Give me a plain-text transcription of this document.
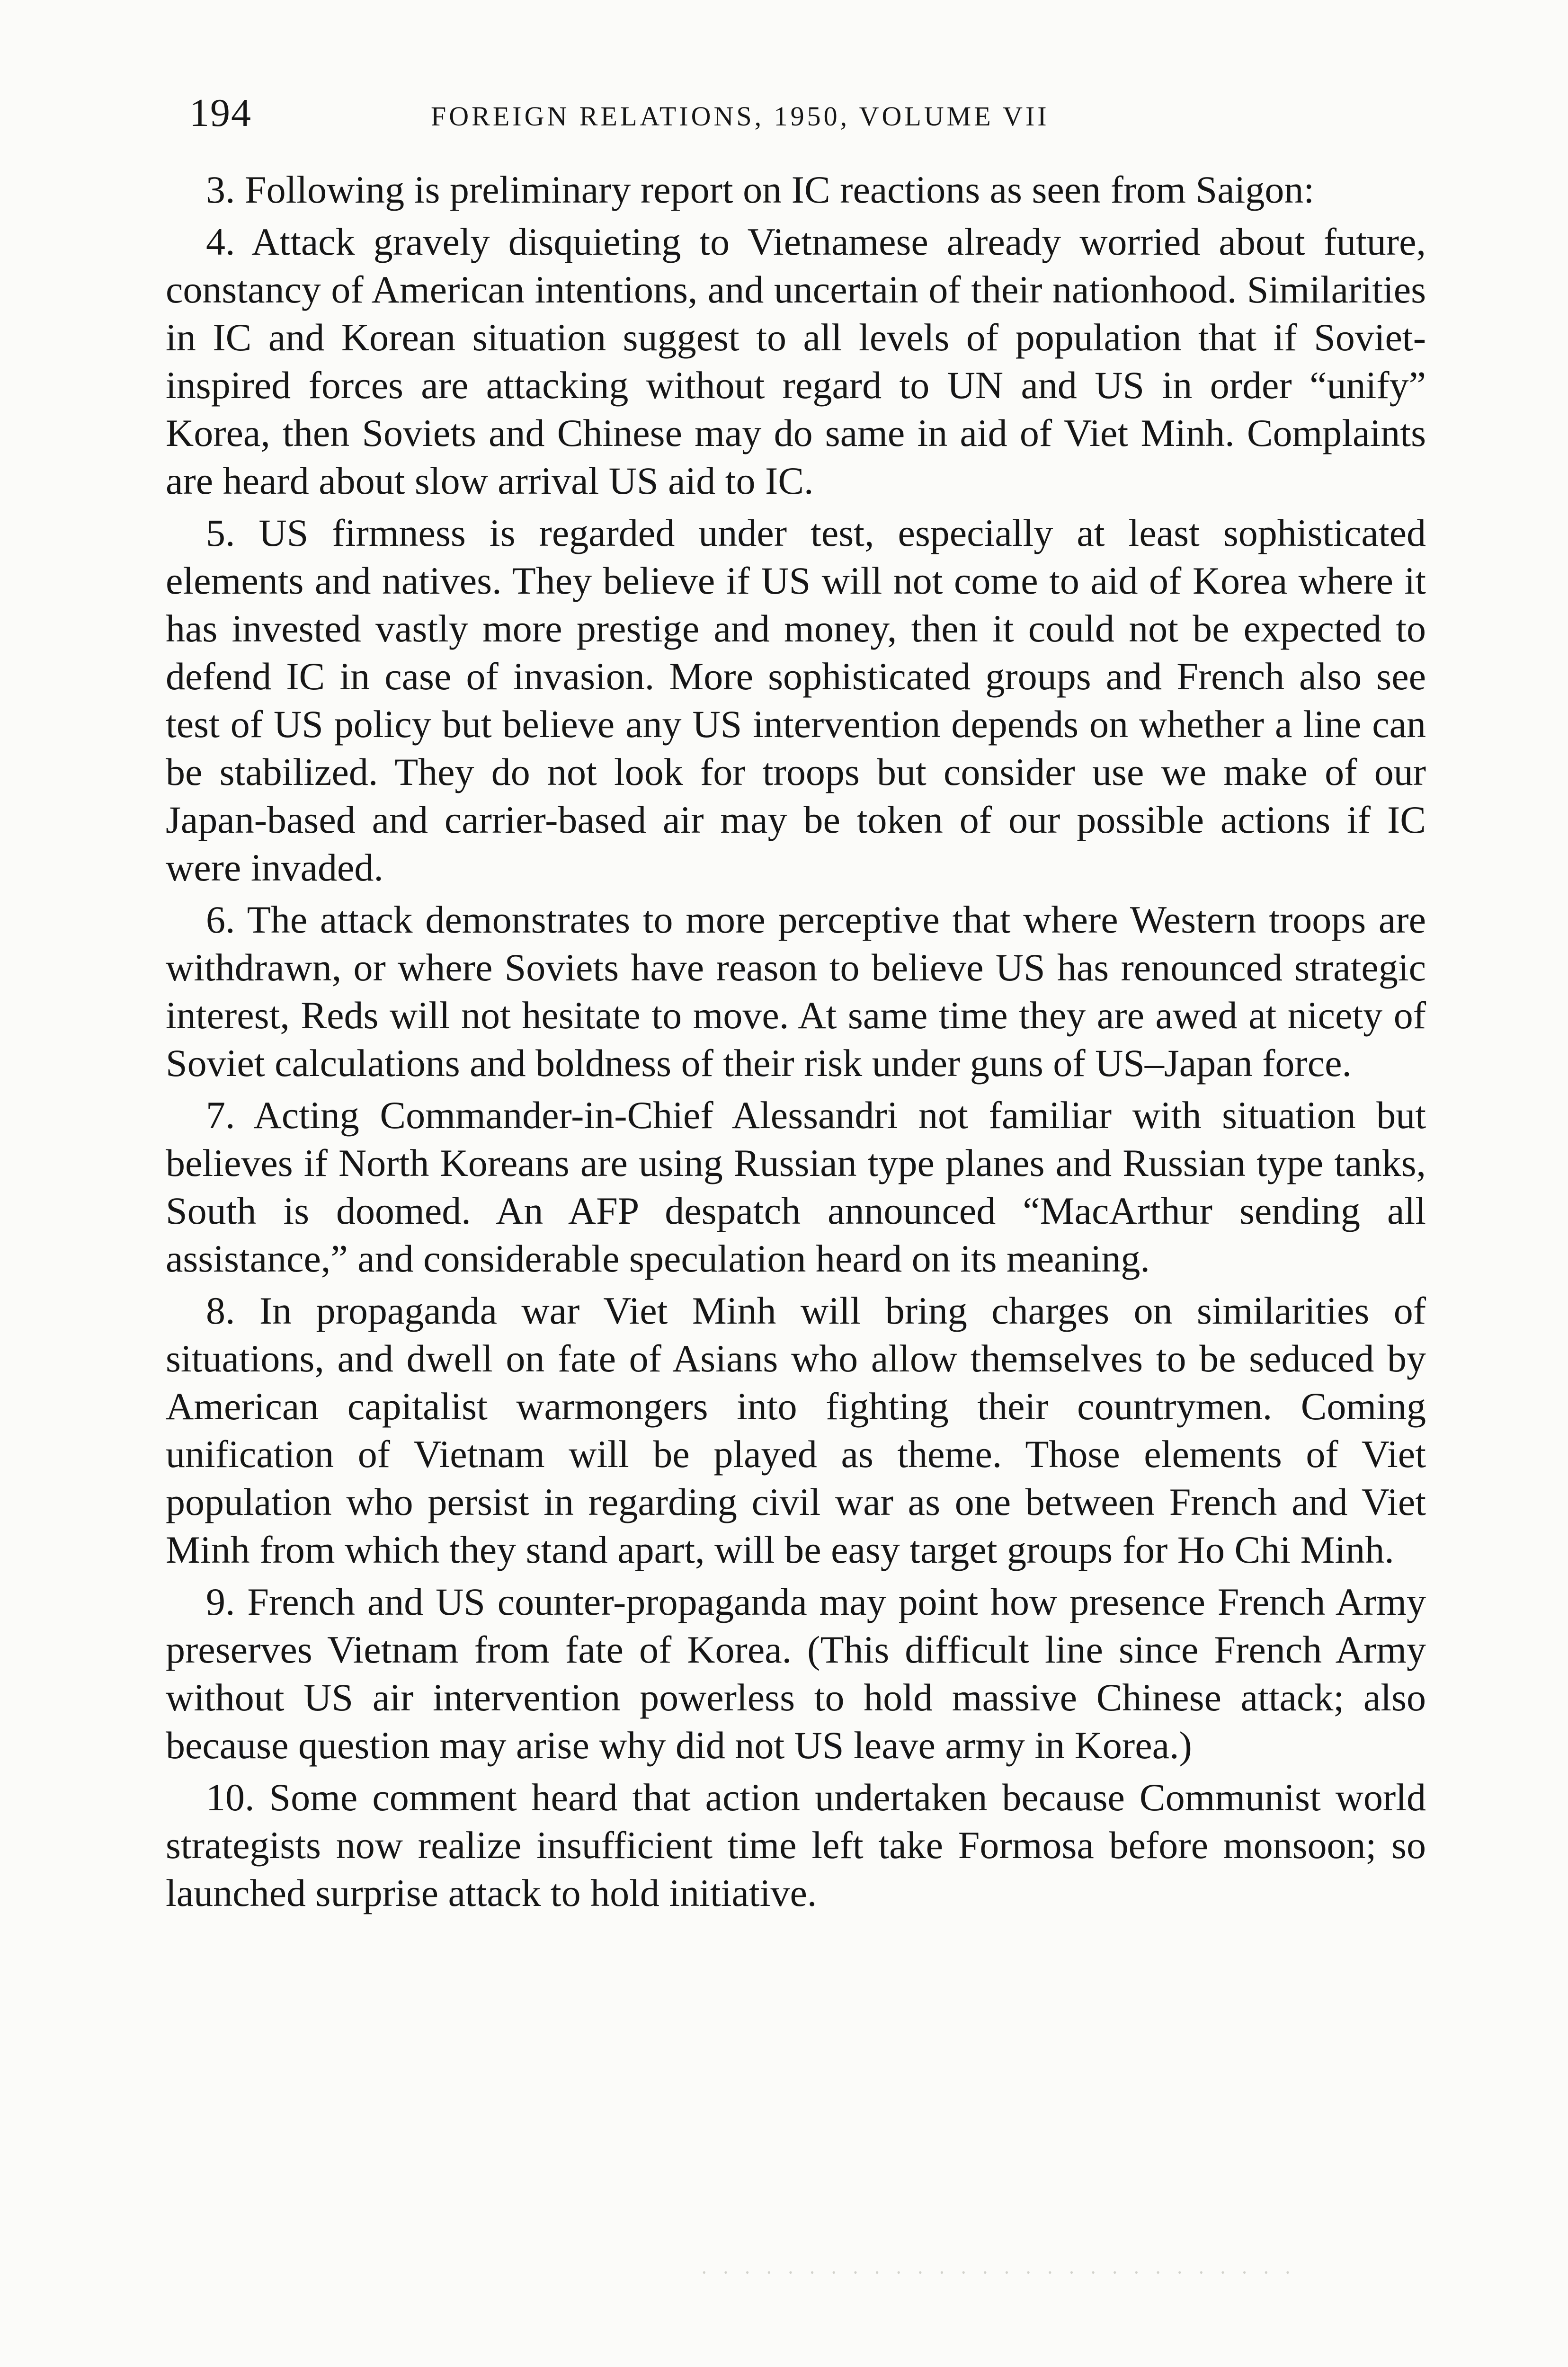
194	FOREIGN RELATIONS, 1950, VOLUME VII

3. Following is preliminary report on IC reactions as seen from Saigon:

4. Attack gravely disquieting to Vietnamese already worried about future, constancy of American intentions, and uncertain of their nationhood. Similarities in IC and Korean situation suggest to all levels of population that if Soviet-inspired forces are attacking without regard to UN and US in order “unify” Korea, then Soviets and Chinese may do same in aid of Viet Minh. Complaints are heard about slow arrival US aid to IC.

5. US firmness is regarded under test, especially at least sophisticated elements and natives. They believe if US will not come to aid of Korea where it has invested vastly more prestige and money, then it could not be expected to defend IC in case of invasion. More sophisticated groups and French also see test of US policy but believe any US intervention depends on whether a line can be stabilized. They do not look for troops but consider use we make of our Japan-based and carrier-based air may be token of our possible actions if IC were invaded.

6. The attack demonstrates to more perceptive that where Western troops are withdrawn, or where Soviets have reason to believe US has renounced strategic interest, Reds will not hesitate to move. At same time they are awed at nicety of Soviet calculations and boldness of their risk under guns of US–Japan force.

7. Acting Commander-in-Chief Alessandri not familiar with situation but believes if North Koreans are using Russian type planes and Russian type tanks, South is doomed. An AFP despatch announced “MacArthur sending all assistance,” and considerable speculation heard on its meaning.

8. In propaganda war Viet Minh will bring charges on similarities of situations, and dwell on fate of Asians who allow themselves to be seduced by American capitalist warmongers into fighting their countrymen. Coming unification of Vietnam will be played as theme. Those elements of Viet population who persist in regarding civil war as one between French and Viet Minh from which they stand apart, will be easy target groups for Ho Chi Minh.

9. French and US counter-propaganda may point how presence French Army preserves Vietnam from fate of Korea. (This difficult line since French Army without US air intervention powerless to hold massive Chinese attack; also because question may arise why did not US leave army in Korea.)

10. Some comment heard that action undertaken because Communist world strategists now realize insufficient time left take Formosa before monsoon; so launched surprise attack to hold initiative.

· · · · · · · · · · · · · · · · · · · · · · · · · · · ·
